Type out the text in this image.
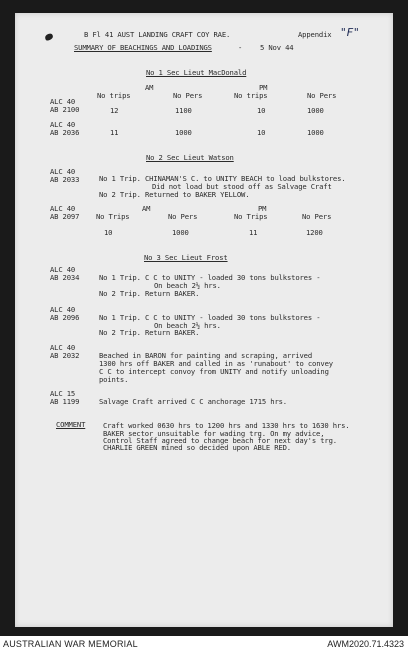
B Fl 41 AUST LANDING CRAFT COY RAE.	Appendix "F"
SUMMARY OF BEACHINGS AND LOADINGS	- 5 Nov 44
No 1 Sec Lieut MacDonald
AM	PM
No trips	No Pers	No trips	No Pers
ALC 40
AB 2100	12	1100	10	1000
ALC 40
AB 2036	11	1000	10	1000
No 2 Sec Lieut Watson
ALC 40
AB 2033	No 1 Trip. CHINAMAN'S C. to UNITY BEACH to load bulkstores.
Did not load but stood off as Salvage Craft
No 2 Trip. Returned to BAKER YELLOW.
ALC 40
AB 2097
AM	PM
No Trips	No Pers	No Trips	No Pers
10	1000	11	1200
No 3 Sec Lieut Frost
ALC 40
AB 2034	No 1 Trip. C C to UNITY - loaded 30 tons bulkstores -
On beach 2½ hrs.
No 2 Trip. Return BAKER.
ALC 40
AB 2096	No 1 Trip. C C to UNITY - loaded 30 tons bulkstores -
On beach 2½ hrs.
No 2 Trip. Return BAKER.
ALC 40
AB 2032	Beached in BARON for painting and scraping, arrived
1300 hrs off BAKER and called in as 'runabout' to convey
C C to intercept convoy from UNITY and notify unloading
points.
ALC 15
AB 1199	Salvage Craft arrived C C anchorage 1715 hrs.
COMMENT Craft worked 0630 hrs to 1200 hrs and 1330 hrs to 1630 hrs.
BAKER sector unsuitable for wading trg. On my advice,
Control Staff agreed to change beach for next day's trg.
CHARLIE GREEN mined so decided upon ABLE RED.
AUSTRALIAN WAR MEMORIAL	AWM2020.71.4323
